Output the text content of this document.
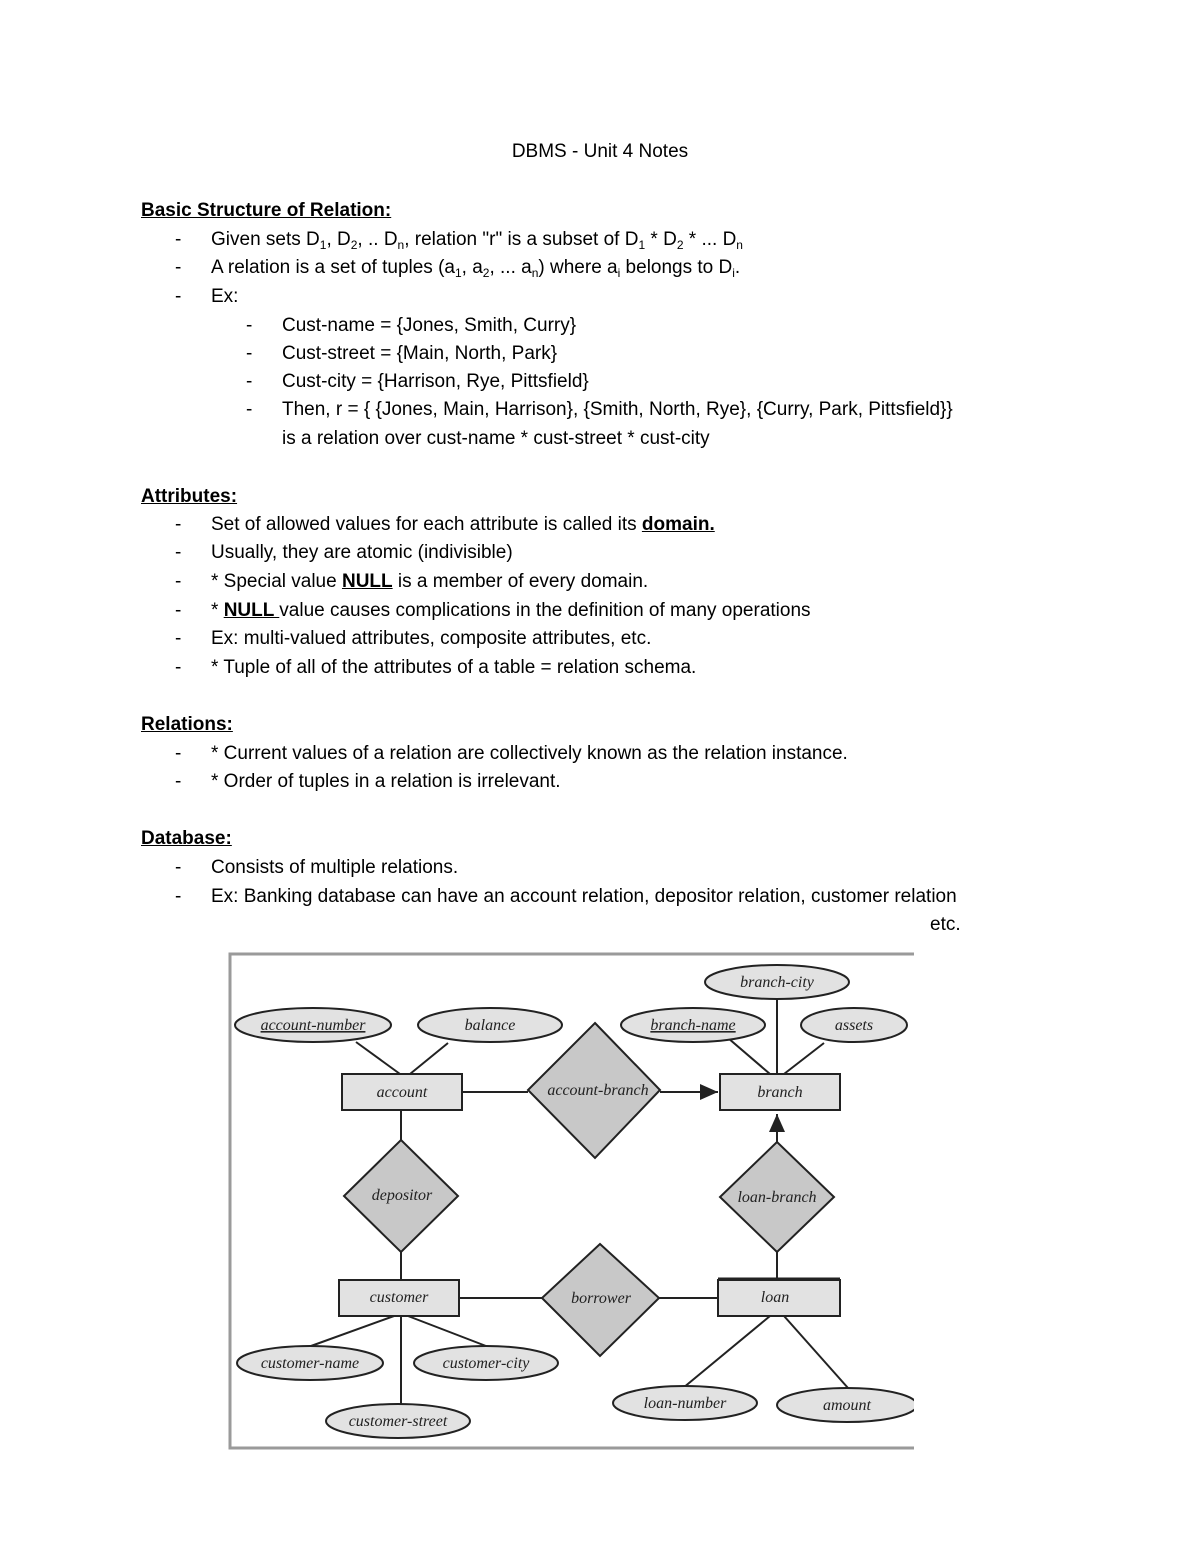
DBMS - Unit 4 Notes
Basic Structure of Relation:
- Given sets $D_1$, $D_2$, .. $D_n$, relation "r" is a subset of $D_1 * D_2$ * ... $D_n$
- A relation is a set of tuples ($a_1$, $a_2$, ... $a_n$) where $a_i$ belongs to $D_i$.
- Ex:
- Cust-name = {Jones, Smith, Curry}
- Cust-street = {Main, North, Park}
- Cust-city = {Harrison, Rye, Pittsfield}
- Then, r = { {Jones, Main, Harrison}, {Smith, North, Rye}, {Curry, Park, Pittsfield}}
is a relation over cust-name * cust-street * cust-city
Attributes:
- Set of allowed values for each attribute is called its domain.
- Usually, they are atomic (indivisible)
- * Special value NULL is a member of every domain.
- * NULL value causes complications in the definition of many operations
- Ex: multi-valued attributes, composite attributes, etc.
- * Tuple of all of the attributes of a table = relation schema.
Relations:
- * Current values of a relation are collectively known as the relation instance.
- * Order of tuples in a relation is irrelevant.
Database:
- Consists of multiple relations.
- Ex: Banking database can have an account relation, depositor relation, customer relation
etc.
account-number	balance
branch-city
branch-name	assets
customer-name	customer-city
customer-street
loan-number	amount
account	branch
customer	loan
account-branch
depositor	loan-branch
borrower
